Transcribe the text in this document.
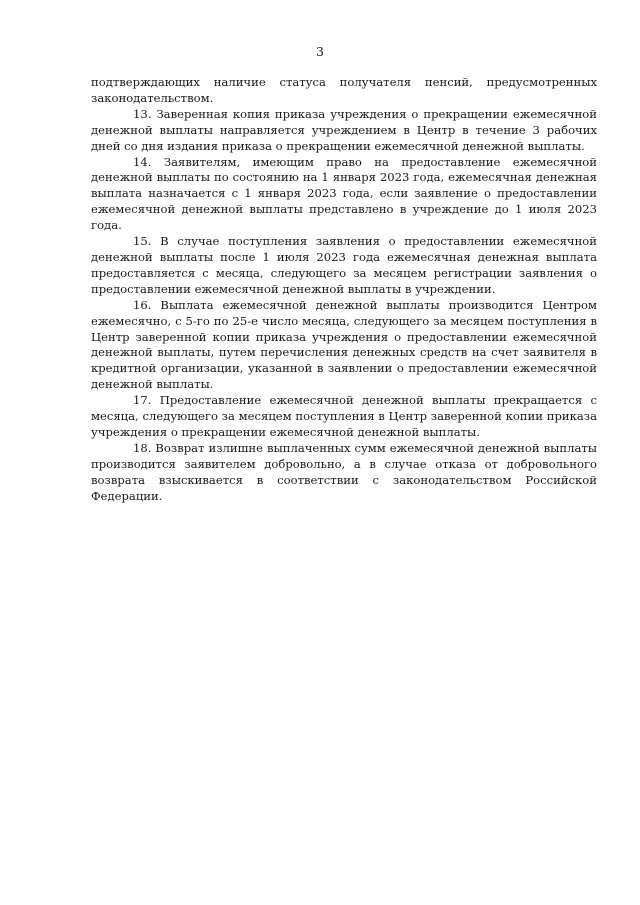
3

подтверждающих наличие статуса получателя пенсий, предусмотренных законодательством.

13. Заверенная копия приказа учреждения о прекращении ежемесячной денежной выплаты направляется учреждением в Центр в течение 3 рабочих дней со дня издания приказа о прекращении ежемесячной денежной выплаты.

14. Заявителям, имеющим право на предоставление ежемесячной денежной выплаты по состоянию на 1 января 2023 года, ежемесячная денежная выплата назначается с 1 января 2023 года, если заявление о предоставлении ежемесячной денежной выплаты представлено в учреждение до 1 июля 2023 года.

15. В случае поступления заявления о предоставлении ежемесячной денежной выплаты после 1 июля 2023 года ежемесячная денежная выплата предоставляется с месяца, следующего за месяцем регистрации заявления о предоставлении ежемесячной денежной выплаты в учреждении.

16. Выплата ежемесячной денежной выплаты производится Центром ежемесячно, с 5-го по 25-е число месяца, следующего за месяцем поступления в Центр заверенной копии приказа учреждения о предоставлении ежемесячной денежной выплаты, путем перечисления денежных средств на счет заявителя в кредитной организации, указанной в заявлении о предоставлении ежемесячной денежной выплаты.

17. Предоставление ежемесячной денежной выплаты прекращается с месяца, следующего за месяцем поступления в Центр заверенной копии приказа учреждения о прекращении ежемесячной денежной выплаты.

18. Возврат излишне выплаченных сумм ежемесячной денежной выплаты производится заявителем добровольно, а в случае отказа от добровольного возврата взыскивается в соответствии с законодательством Российской Федерации.
